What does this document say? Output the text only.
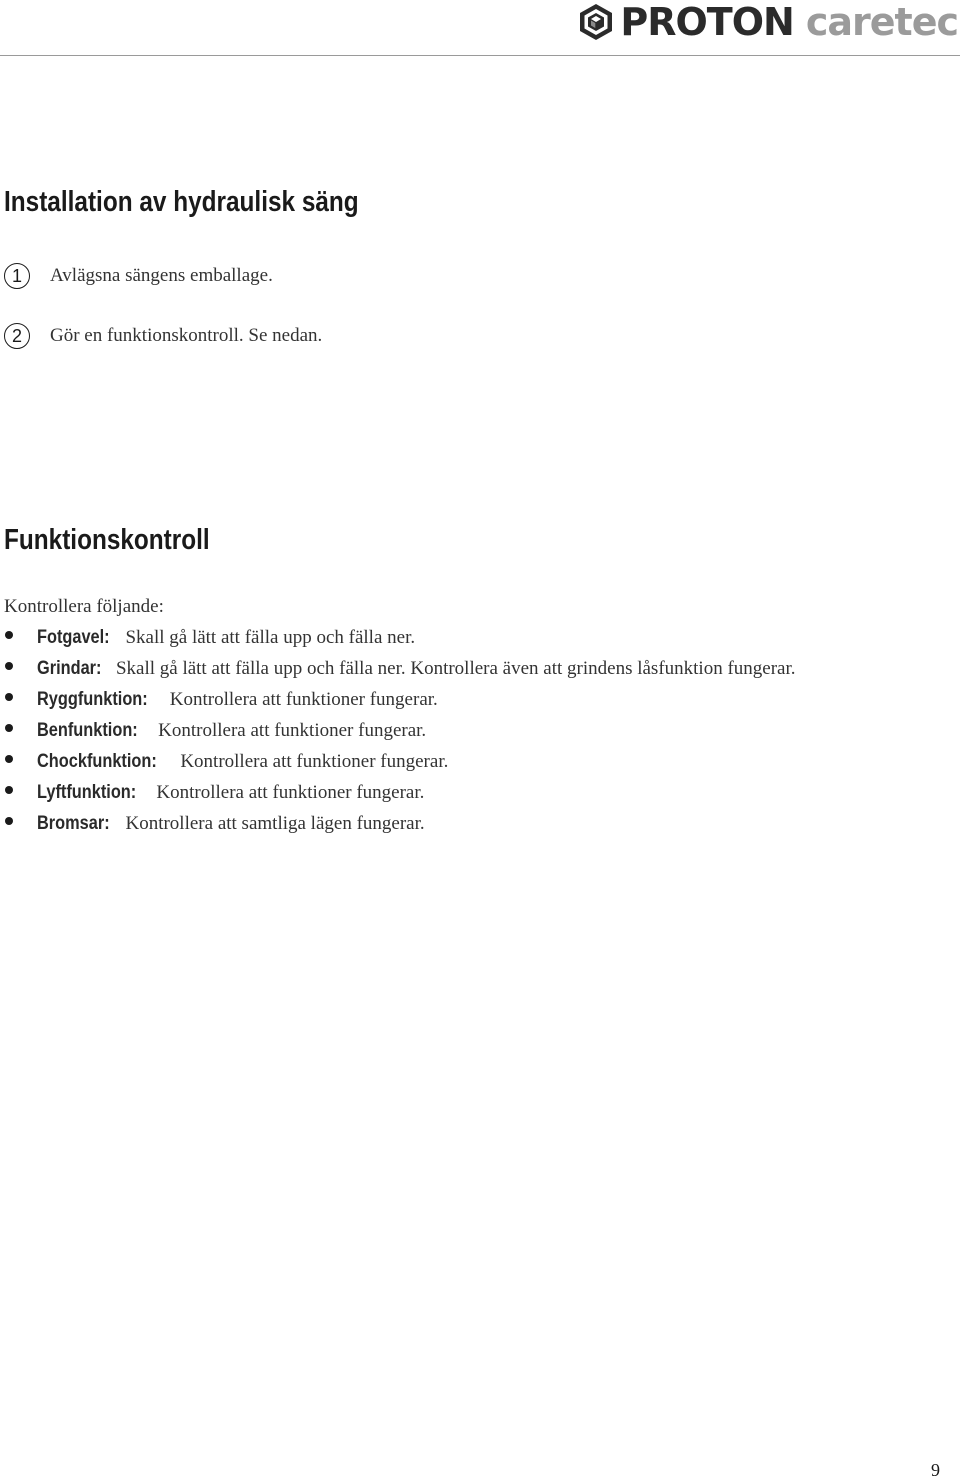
PROTON caretec
Installation av hydraulisk säng
1	Avlägsna sängens emballage.
2	Gör en funktionskontroll. Se nedan.
Funktionskontroll
Kontrollera följande:
Fotgavel:
Skall gå lätt att fälla upp och fälla ner.
Grindar:
Skall gå lätt att fälla upp och fälla ner. Kontrollera även att grindens låsfunktion fungerar.
Ryggfunktion:
Kontrollera att funktioner fungerar.
Benfunktion:
Kontrollera att funktioner fungerar.
Chockfunktion:
Kontrollera att funktioner fungerar.
Lyftfunktion:
Kontrollera att funktioner fungerar.
Bromsar:
Kontrollera att samtliga lägen fungerar.
9
